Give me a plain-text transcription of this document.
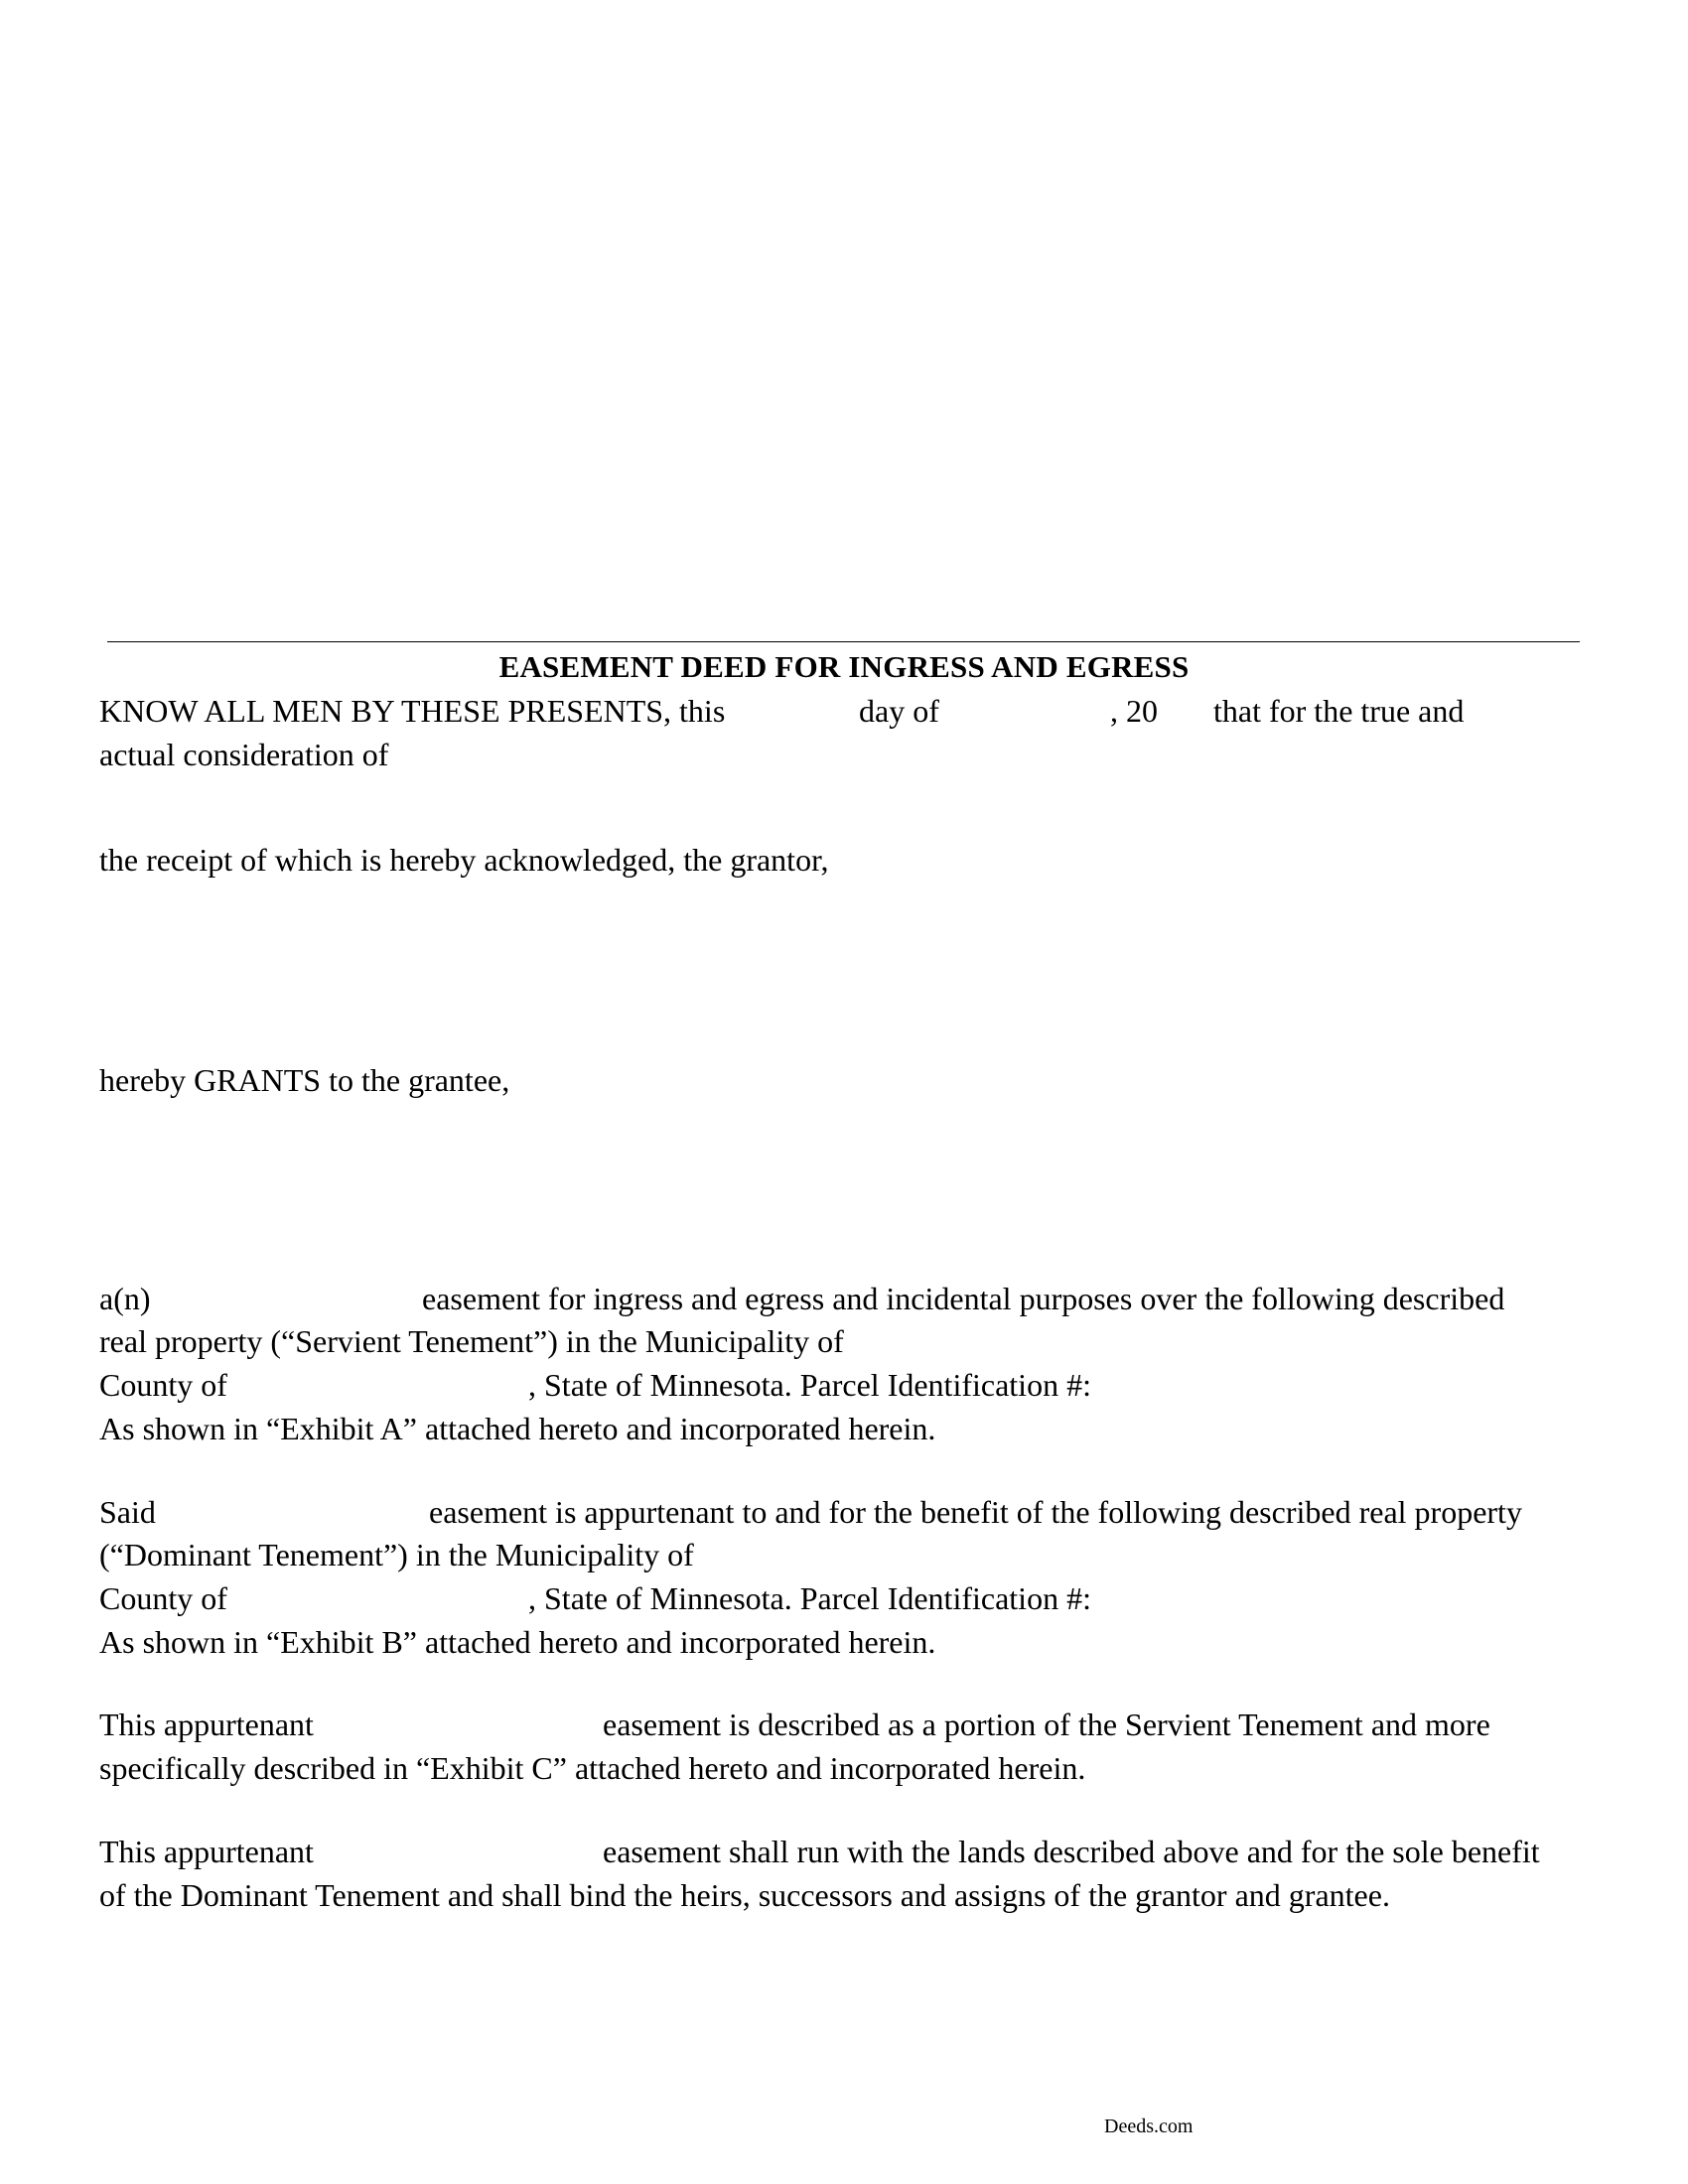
EASEMENT DEED FOR INGRESS AND EGRESS
KNOW ALL MEN BY THESE PRESENTS, this	day of	, 20 that for the true and
actual consideration of
the receipt of which is hereby acknowledged, the grantor,
hereby GRANTS to the grantee,
a(n)	easement for ingress and egress and incidental purposes over the following described
real property (“Servient Tenement”) in the Municipality of
County of	, State of Minnesota. Parcel Identification #:
As shown in “Exhibit A” attached hereto and incorporated herein.
Said	easement is appurtenant to and for the benefit of the following described real property
(“Dominant Tenement”) in the Municipality of
County of	, State of Minnesota. Parcel Identification #:
As shown in “Exhibit B” attached hereto and incorporated herein.
This appurtenant	easement is described as a portion of the Servient Tenement and more
specifically described in “Exhibit C” attached hereto and incorporated herein.
This appurtenant	easement shall run with the lands described above and for the sole benefit
of the Dominant Tenement and shall bind the heirs, successors and assigns of the grantor and grantee.
Deeds.com
